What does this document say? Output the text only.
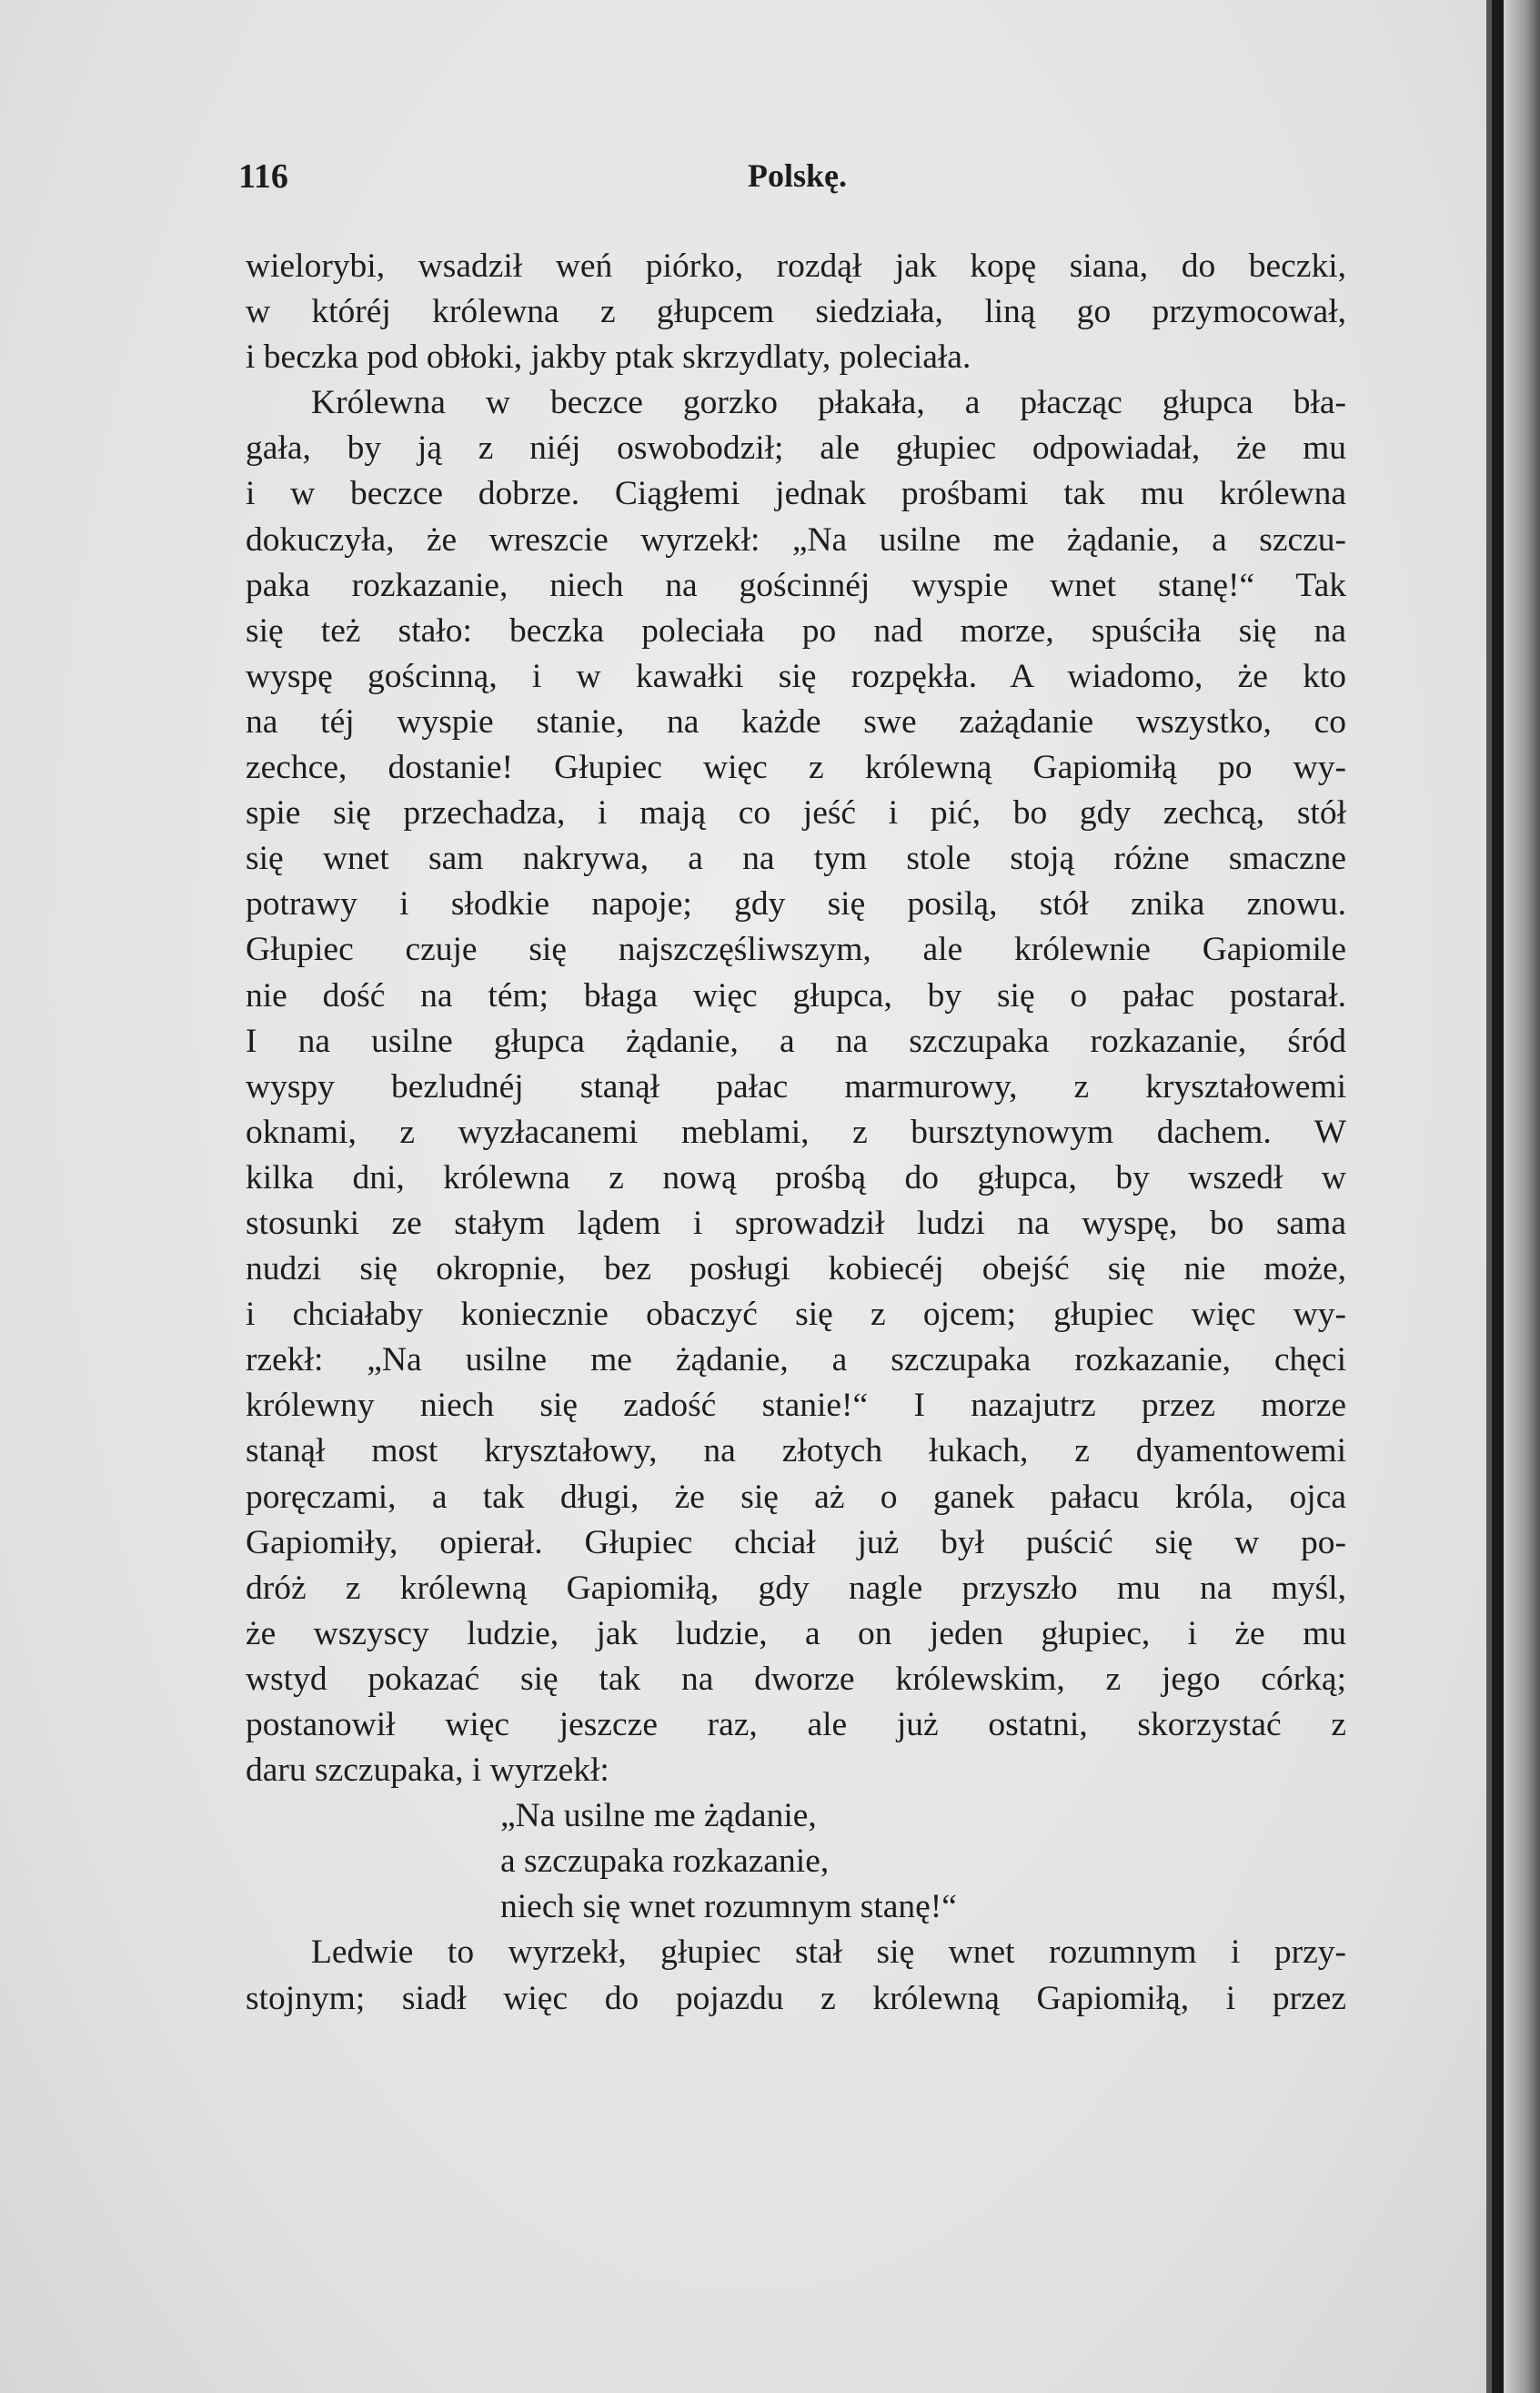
116	Polskę.
wielorybi, wsadził weń piórko, rozdął jak kopę siana, do beczki,
w któréj królewna z głupcem siedziała, liną go przymocował,
i beczka pod obłoki, jakby ptak skrzydlaty, poleciała.
Królewna w beczce gorzko płakała, a płacząc głupca bła-
gała, by ją z niéj oswobodził; ale głupiec odpowiadał, że mu
i w beczce dobrze. Ciągłemi jednak prośbami tak mu królewna
dokuczyła, że wreszcie wyrzekł: „Na usilne me żądanie, a szczu-
paka rozkazanie, niech na gościnnéj wyspie wnet stanę!“ Tak
się też stało: beczka poleciała po nad morze, spuściła się na
wyspę gościnną, i w kawałki się rozpękła. A wiadomo, że kto
na téj wyspie stanie, na każde swe zażądanie wszystko, co
zechce, dostanie! Głupiec więc z królewną Gapiomiłą po wy-
spie się przechadza, i mają co jeść i pić, bo gdy zechcą, stół
się wnet sam nakrywa, a na tym stole stoją różne smaczne
potrawy i słodkie napoje; gdy się posilą, stół znika znowu.
Głupiec czuje się najszczęśliwszym, ale królewnie Gapiomile
nie dość na tém; błaga więc głupca, by się o pałac postarał.
I na usilne głupca żądanie, a na szczupaka rozkazanie, śród
wyspy bezludnéj stanął pałac marmurowy, z kryształowemi
oknami, z wyzłacanemi meblami, z bursztynowym dachem. W
kilka dni, królewna z nową prośbą do głupca, by wszedł w
stosunki ze stałym lądem i sprowadził ludzi na wyspę, bo sama
nudzi się okropnie, bez posługi kobiecéj obejść się nie może,
i chciałaby koniecznie obaczyć się z ojcem; głupiec więc wy-
rzekł: „Na usilne me żądanie, a szczupaka rozkazanie, chęci
królewny niech się zadość stanie!“ I nazajutrz przez morze
stanął most kryształowy, na złotych łukach, z dyamentowemi
poręczami, a tak długi, że się aż o ganek pałacu króla, ojca
Gapiomiły, opierał. Głupiec chciał już był puścić się w po-
dróż z królewną Gapiomiłą, gdy nagle przyszło mu na myśl,
że wszyscy ludzie, jak ludzie, a on jeden głupiec, i że mu
wstyd pokazać się tak na dworze królewskim, z jego córką;
postanowił więc jeszcze raz, ale już ostatni, skorzystać z
daru szczupaka, i wyrzekł:
„Na usilne me żądanie,
a szczupaka rozkazanie,
niech się wnet rozumnym stanę!“
Ledwie to wyrzekł, głupiec stał się wnet rozumnym i przy-
stojnym; siadł więc do pojazdu z królewną Gapiomiłą, i przez
